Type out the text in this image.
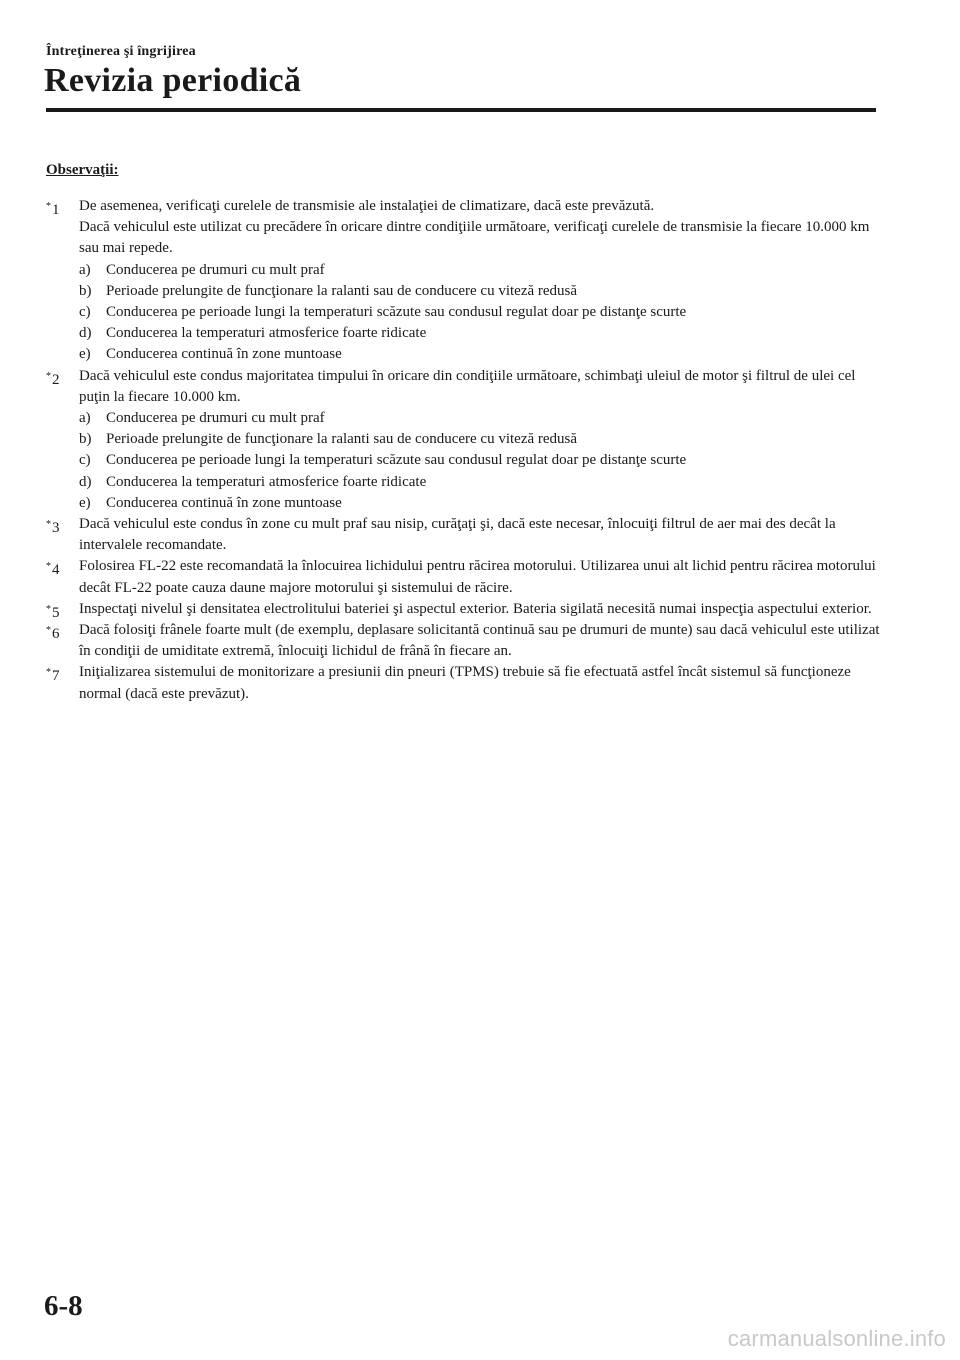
Întreţinerea şi îngrijirea
Revizia periodică
Observaţii:
*1 De asemenea, verificaţi curelele de transmisie ale instalaţiei de climatizare, dacă este prevăzută.
Dacă vehiculul este utilizat cu precădere în oricare dintre condiţiile următoare, verificaţi curelele de transmisie la fiecare 10.000 km sau mai repede.
a) Conducerea pe drumuri cu mult praf
b) Perioade prelungite de funcţionare la ralanti sau de conducere cu viteză redusă
c) Conducerea pe perioade lungi la temperaturi scăzute sau condusul regulat doar pe distanţe scurte
d) Conducerea la temperaturi atmosferice foarte ridicate
e) Conducerea continuă în zone muntoase
*2 Dacă vehiculul este condus majoritatea timpului în oricare din condiţiile următoare, schimbaţi uleiul de motor şi filtrul de ulei cel puţin la fiecare 10.000 km.
a) Conducerea pe drumuri cu mult praf
b) Perioade prelungite de funcţionare la ralanti sau de conducere cu viteză redusă
c) Conducerea pe perioade lungi la temperaturi scăzute sau condusul regulat doar pe distanţe scurte
d) Conducerea la temperaturi atmosferice foarte ridicate
e) Conducerea continuă în zone muntoase
*3 Dacă vehiculul este condus în zone cu mult praf sau nisip, curăţaţi şi, dacă este necesar, înlocuiţi filtrul de aer mai des decât la intervalele recomandate.
*4 Folosirea FL-22 este recomandată la înlocuirea lichidului pentru răcirea motorului. Utilizarea unui alt lichid pentru răcirea motorului decât FL-22 poate cauza daune majore motorului şi sistemului de răcire.
*5 Inspectaţi nivelul şi densitatea electrolitului bateriei şi aspectul exterior. Bateria sigilată necesită numai inspecţia aspectului exterior.
*6 Dacă folosiţi frânele foarte mult (de exemplu, deplasare solicitantă continuă sau pe drumuri de munte) sau dacă vehiculul este utilizat în condiţii de umiditate extremă, înlocuiţi lichidul de frână în fiecare an.
*7 Iniţializarea sistemului de monitorizare a presiunii din pneuri (TPMS) trebuie să fie efectuată astfel încât sistemul să funcţioneze normal (dacă este prevăzut).
6-8
carmanualsonline.info
